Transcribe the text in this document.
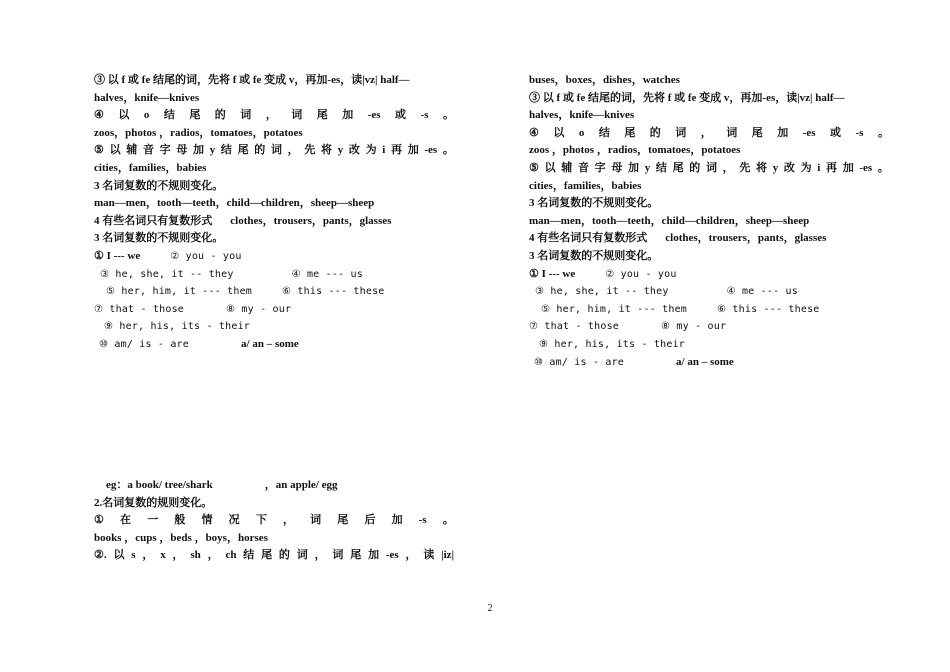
③ 以 f 或 fe 结尾的词，先将 f 或 fe 变成 v，再加-es，读|vz| half—
halves，knife—knives
④ 以 o 结 尾 的 词 ， 词 尾 加 -es 或 -s 。
zoos，photos ，radios，tomatoes，potatoes
⑤ 以 辅 音 字 母 加 y 结 尾 的 词 ， 先 将 y 改 为 i 再 加 -es 。
cities，families，babies
3 名词复数的不规则变化。
man—men，tooth—teeth，child—children，sheep—sheep
4 有些名词只有复数形式 clothes，trousers，pants，glasses
3 名词复数的不规则变化。
① I --- we	② you - you
③ he, she, it -- they	④ me --- us
⑤ her, him, it --- them	⑥ this --- these
⑦ that - those	⑧ my - our
⑨ her, his, its - their
⑩ am/ is - are	a/ an – some
buses，boxes，dishes，watches
③ 以 f 或 fe 结尾的词，先将 f 或 fe 变成 v，再加-es，读|vz| half—
halves，knife—knives
④ 以 o 结 尾 的 词 ， 词 尾 加 -es 或 -s 。
zoos ，photos ，radios，tomatoes，potatoes
⑤ 以 辅 音 字 母 加 y 结 尾 的 词 ， 先 将 y 改 为 i 再 加 -es 。
cities，families，babies
3 名词复数的不规则变化。
man—men，tooth—teeth，child—children，sheep—sheep
4 有些名词只有复数形式 clothes，trousers，pants，glasses
3 名词复数的不规则变化。
① I --- we	② you - you
③ he, she, it -- they	④ me --- us
⑤ her, him, it --- them	⑥ this --- these
⑦ that - those	⑧ my - our
⑨ her, his, its - their
⑩ am/ is - are	a/ an – some
eg：a book/ tree/shark	，an apple/ egg
2.名词复数的规则变化。
① 在 一 般 情 况 下 ， 词 尾 后 加 -s 。
books ，cups ，beds ，boys，horses
②. 以 s ， x ， sh ， ch 结 尾 的 词 ， 词 尾 加 -es ， 读 |iz|
2
